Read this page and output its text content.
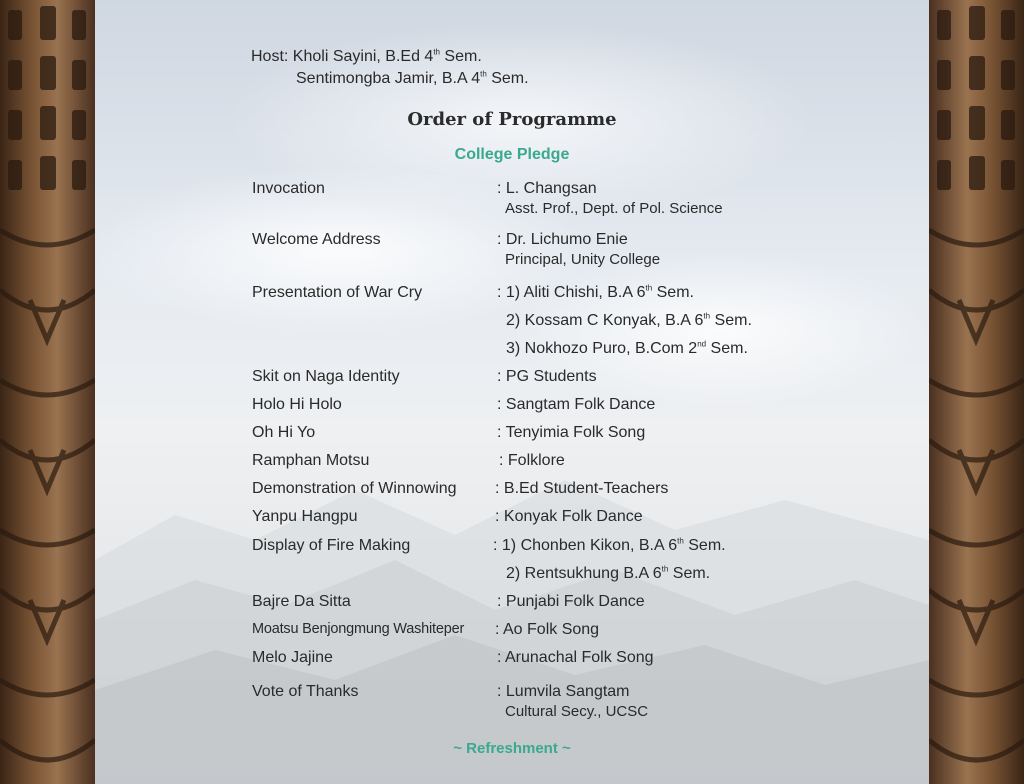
Host: Kholi Sayini, B.Ed 4th Sem.
Sentimongba Jamir, B.A 4th Sem.
Order of Programme
College Pledge
Invocation	: L. Changsan
Asst. Prof., Dept. of Pol. Science
Welcome Address	: Dr. Lichumo Enie
Principal, Unity College
Presentation of War Cry	: 1) Aliti Chishi, B.A 6th Sem.
2) Kossam C Konyak, B.A 6th Sem.
3) Nokhozo Puro, B.Com 2nd Sem.
Skit on Naga Identity	: PG Students
Holo Hi Holo	: Sangtam Folk Dance
Oh Hi Yo	: Tenyimia Folk Song
Ramphan Motsu	: Folklore
Demonstration of Winnowing : B.Ed Student-Teachers
Yanpu Hangpu	: Konyak Folk Dance
Display of Fire Making	: 1) Chonben Kikon, B.A 6th Sem.
2) Rentsukhung B.A 6th Sem.
Bajre Da Sitta	: Punjabi Folk Dance
Moatsu Benjongmung Washiteper : Ao Folk Song
Melo Jajine	: Arunachal Folk Song
Vote of Thanks	: Lumvila Sangtam
Cultural Secy., UCSC
~ Refreshment ~
